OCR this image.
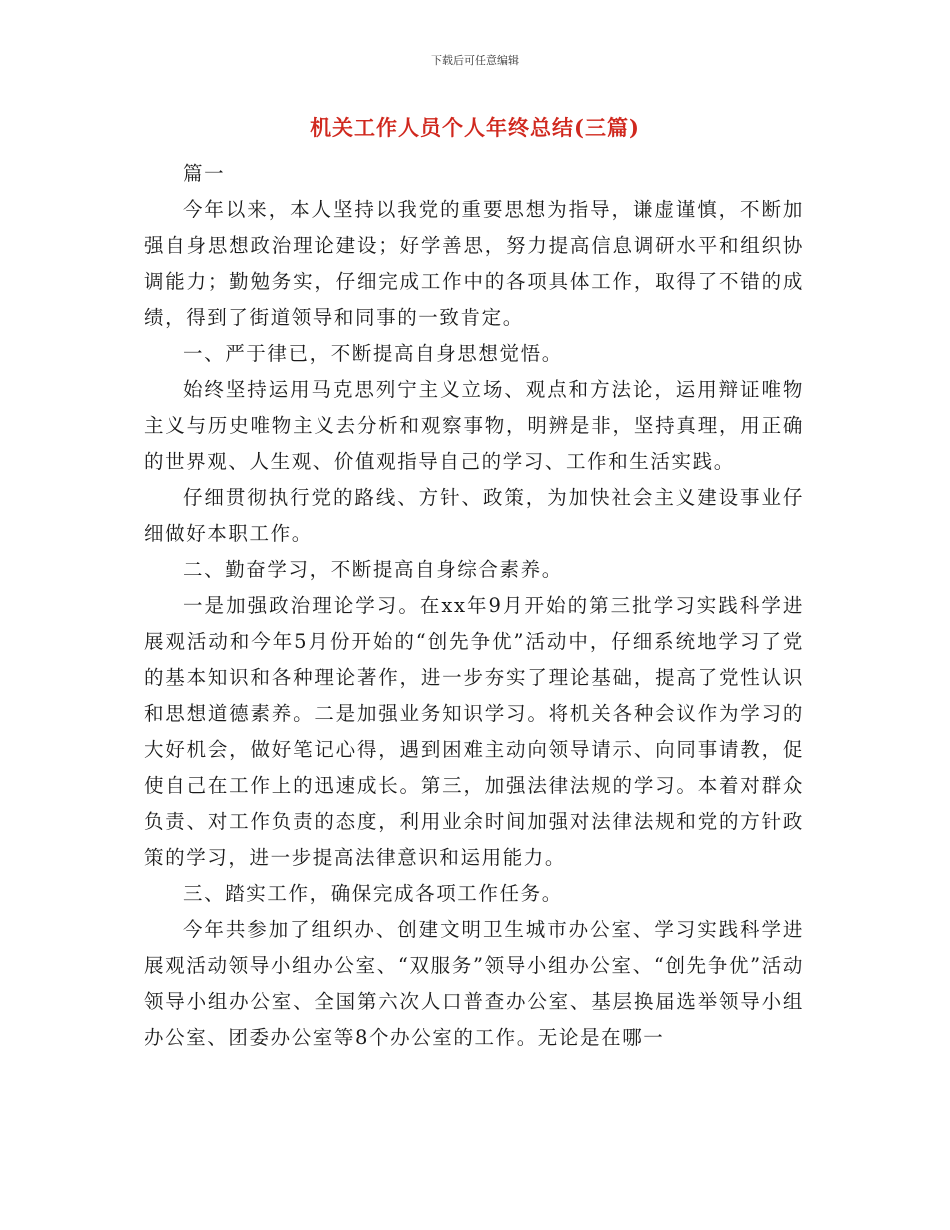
下载后可任意编辑
机关工作人员个人年终总结(三篇)

篇一

今年以来，本人坚持以我党的重要思想为指导，谦虚谨慎，不断加强自身思想政治理论建设；好学善思，努力提高信息调研水平和组织协调能力；勤勉务实，仔细完成工作中的各项具体工作，取得了不错的成绩，得到了街道领导和同事的一致肯定。

一、严于律已，不断提高自身思想觉悟。

始终坚持运用马克思列宁主义立场、观点和方法论，运用辩证唯物主义与历史唯物主义去分析和观察事物，明辨是非，坚持真理，用正确的世界观、人生观、价值观指导自己的学习、工作和生活实践。

仔细贯彻执行党的路线、方针、政策，为加快社会主义建设事业仔细做好本职工作。

二、勤奋学习，不断提高自身综合素养。

一是加强政治理论学习。在xx年9月开始的第三批学习实践科学进展观活动和今年5月份开始的“创先争优”活动中，仔细系统地学习了党的基本知识和各种理论著作，进一步夯实了理论基础，提高了党性认识和思想道德素养。二是加强业务知识学习。将机关各种会议作为学习的大好机会，做好笔记心得，遇到困难主动向领导请示、向同事请教，促使自己在工作上的迅速成长。第三，加强法律法规的学习。本着对群众负责、对工作负责的态度，利用业余时间加强对法律法规和党的方针政策的学习，进一步提高法律意识和运用能力。

三、踏实工作，确保完成各项工作任务。

今年共参加了组织办、创建文明卫生城市办公室、学习实践科学进展观活动领导小组办公室、“双服务”领导小组办公室、“创先争优”活动领导小组办公室、全国第六次人口普查办公室、基层换届选举领导小组办公室、团委办公室等8个办公室的工作。无论是在哪一
